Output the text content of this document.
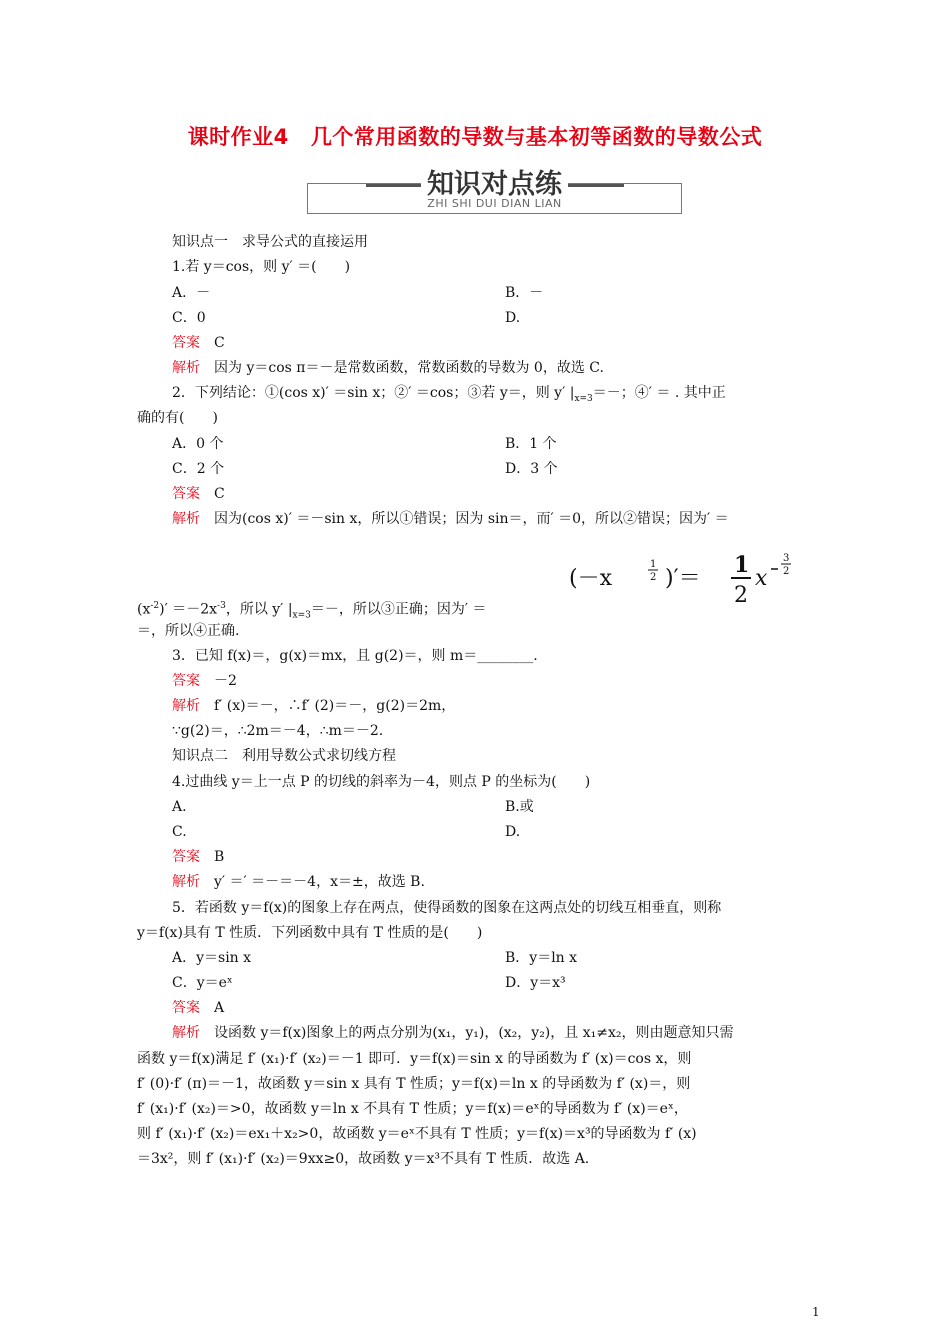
课时作业4 几个常用函数的导数与基本初等函数的导数公式
知识对点练
ZHI SHI DUI DIAN LIAN
知识点一　求导公式的直接运用
1.若 y＝cos，则 y′ ＝(　　)
A．－	B．－
C．0	D.
答案　 C
解析　 因为 y＝cos π＝－是常数函数，常数函数的导数为 0，故选 C.
2．下列结论：①(cos x)′ ＝sin x；②′ ＝cos；③若 y＝，则 y′ $|_{x=3}=-$；④′ ＝ . 其中正
确的有(　　)
A．0 个	B．1 个
C．2 个	D．3 个
答案　 C
解析　 因为(cos x)′ ＝－sin x，所以①错误；因为 sin＝，而′ ＝0，所以②错误；因为′ ＝
(－x
1
2 )′＝
1
2
x
3
2
$(x^{-2})' =-2x^{-3}$，所以 y′ $|_{x=3}=-$，所以③正确；因为′ ＝
＝，所以④正确.
3．已知 f(x)＝，g(x)＝mx，且 g(2)＝，则 m＝________.
答案　 －2
解析　 f′ (x)＝－，∴f′ (2)＝－，g(2)＝2m，
∵g(2)＝，∴2m＝－4，∴m＝－2.
知识点二　利用导数公式求切线方程
4.过曲线 y＝上一点 P 的切线的斜率为－4，则点 P 的坐标为(　　)
A.	B.或
C.	D.
答案　 B
解析　 y′ ＝′ ＝－＝－4，x＝±，故选 B.
5．若函数 y＝f(x)的图象上存在两点，使得函数的图象在这两点处的切线互相垂直，则称
y＝f(x)具有 T 性质．下列函数中具有 T 性质的是(　　)
A．y＝sin x	B．y＝ln x
C．y＝eˣ	D．y＝x³
答案　 A
解析　 设函数 y＝f(x)图象上的两点分别为(x₁，y₁)，(x₂，y₂)，且 x₁≠x₂，则由题意知只需
函数 y＝f(x)满足 f′ (x₁)·f′ (x₂)＝－1 即可．y＝f(x)＝sin x 的导函数为 f′ (x)＝cos x，则
f′ (0)·f′ (π)＝－1，故函数 y＝sin x 具有 T 性质；y＝f(x)＝ln x 的导函数为 f′ (x)＝，则
f′ (x₁)·f′ (x₂)＝>0，故函数 y＝ln x 不具有 T 性质；y＝f(x)＝eˣ的导函数为 f′ (x)＝eˣ，
则 f′ (x₁)·f′ (x₂)＝ex₁＋x₂>0，故函数 y＝eˣ不具有 T 性质；y＝f(x)＝x³的导函数为 f′ (x)
＝3x²，则 f′ (x₁)·f′ (x₂)＝9xx≥0，故函数 y＝x³不具有 T 性质．故选 A.
1
